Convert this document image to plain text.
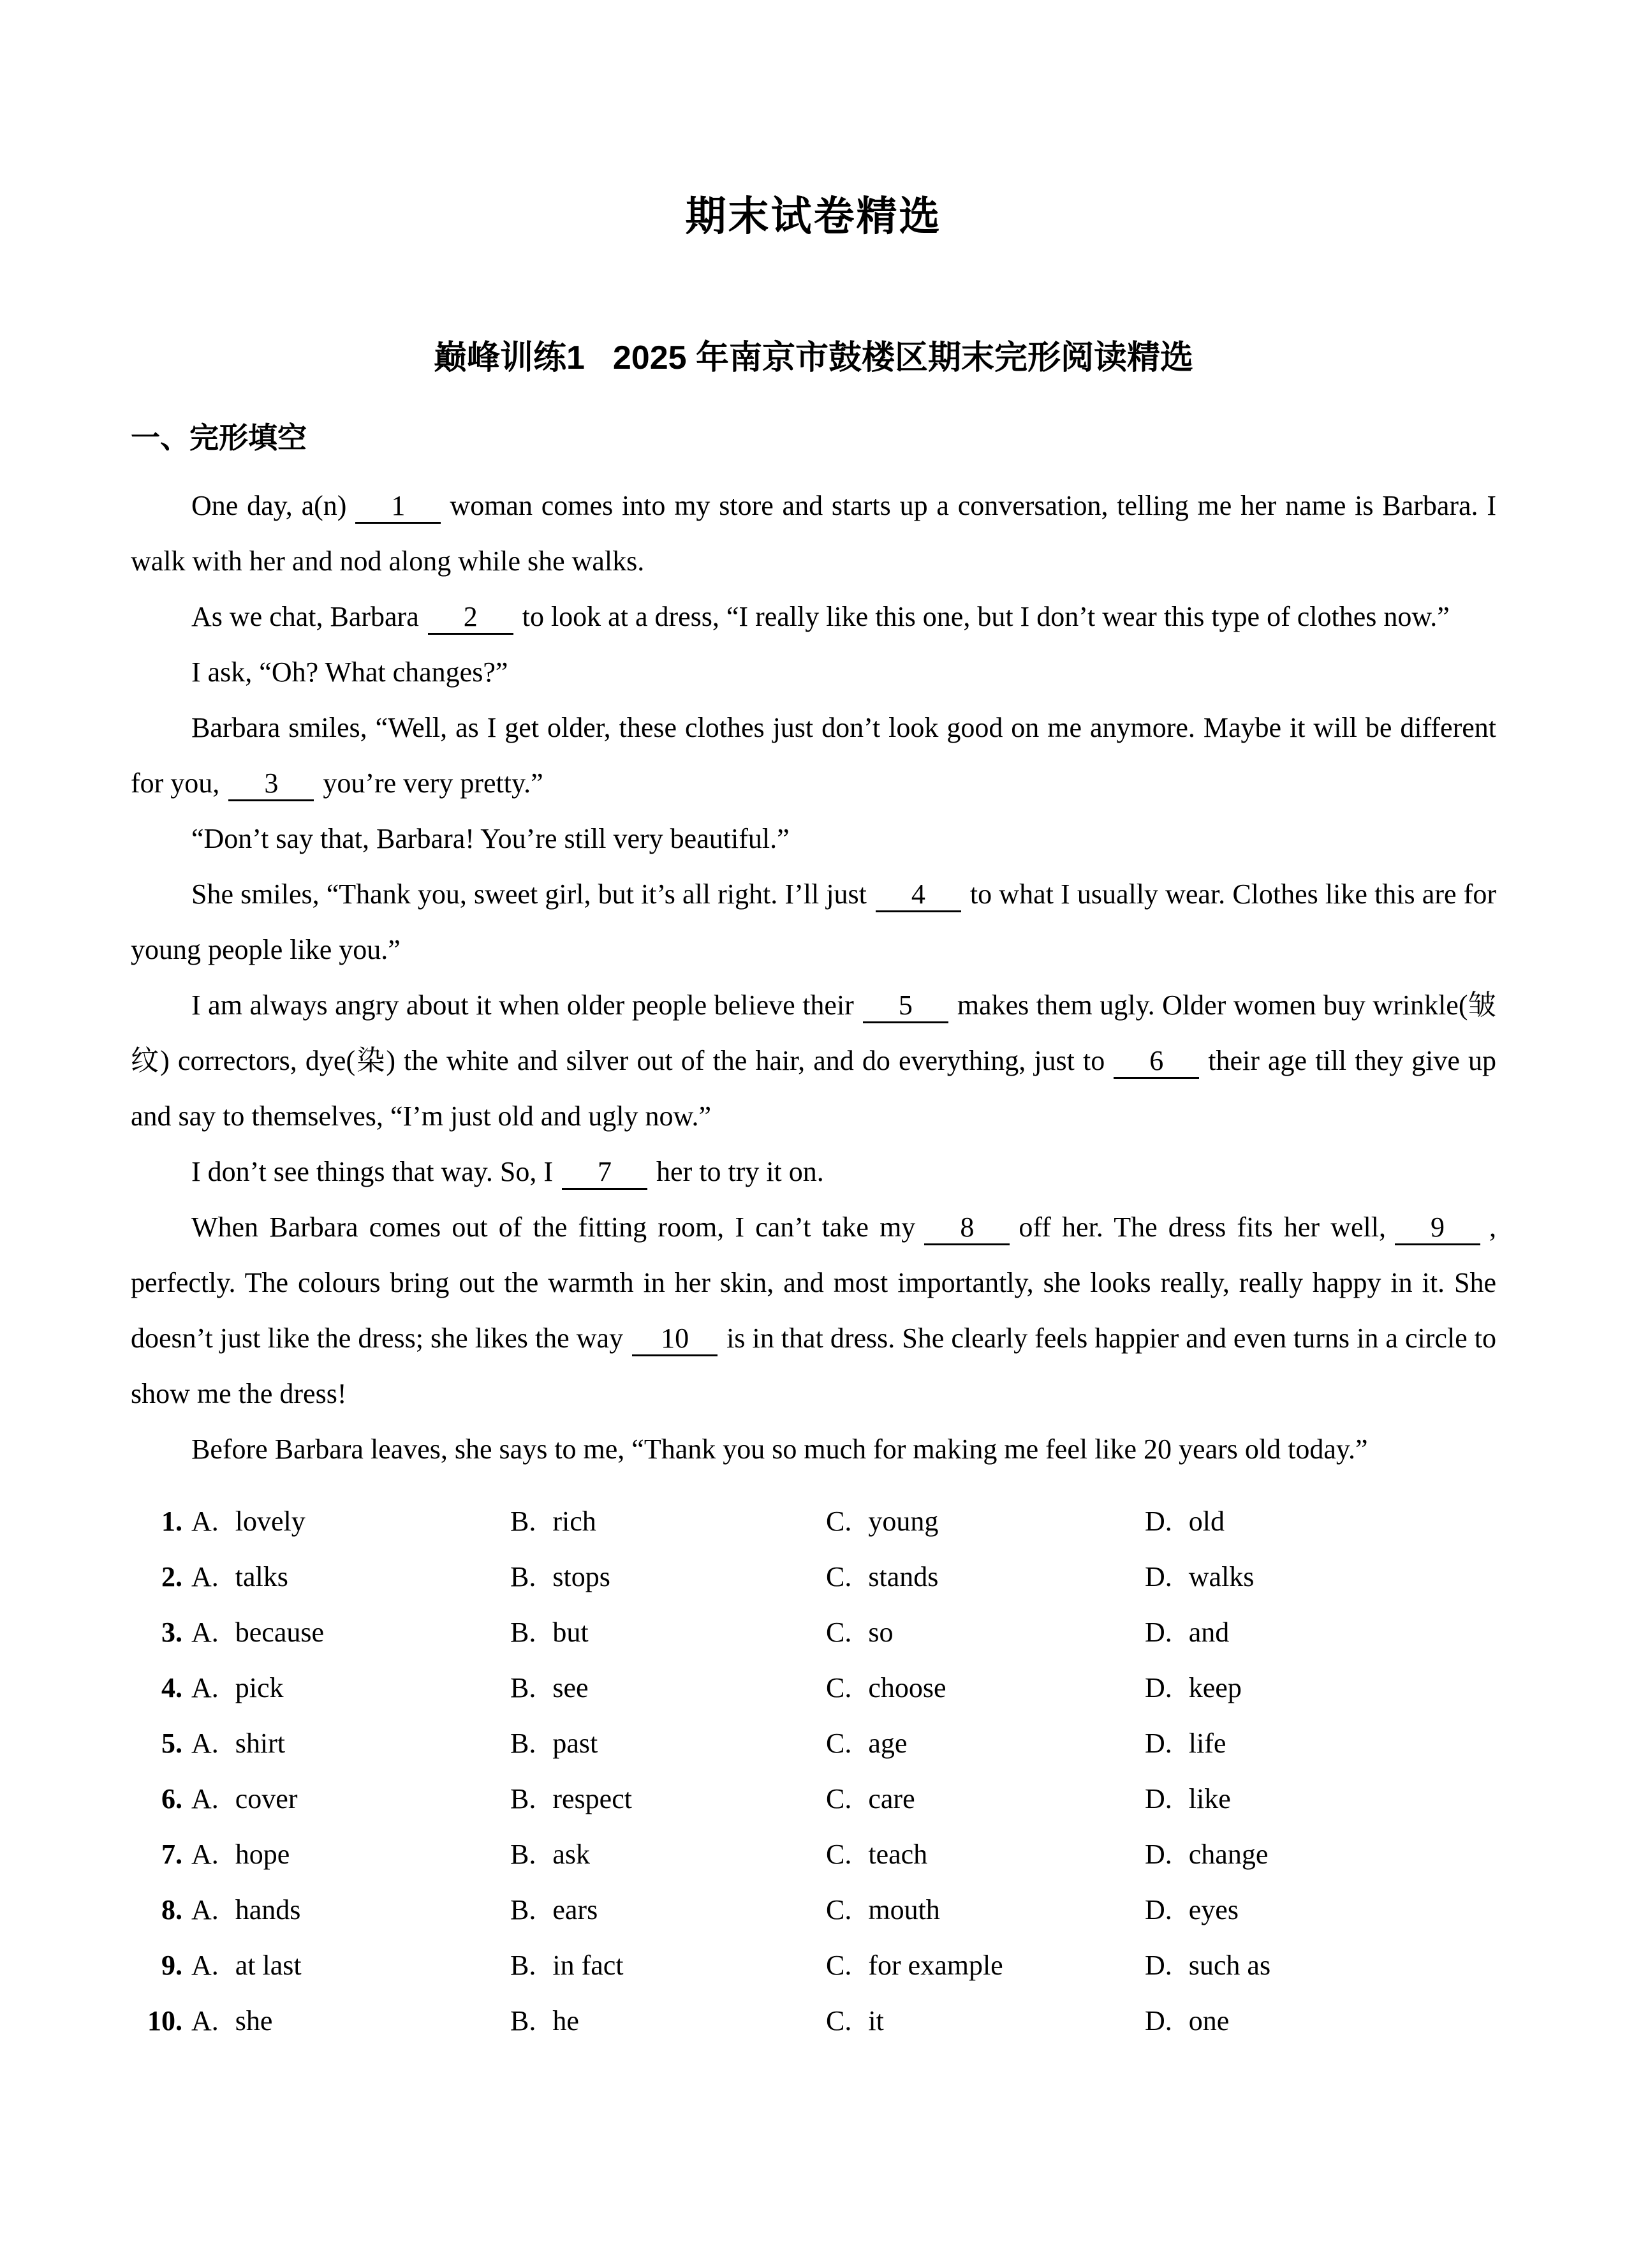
期末试卷精选
巅峰训练1 2025 年南京市鼓楼区期末完形阅读精选
一、完形填空

One day, a(n) 1 woman comes into my store and starts up a conversation, telling me her name is Barbara. I walk with her and nod along while she walks.

As we chat, Barbara 2 to look at a dress, “I really like this one, but I don’t wear this type of clothes now.”

I ask, “Oh? What changes?”

Barbara smiles, “Well, as I get older, these clothes just don’t look good on me anymore. Maybe it will be different for you, 3 you’re very pretty.”

“Don’t say that, Barbara! You’re still very beautiful.”

She smiles, “Thank you, sweet girl, but it’s all right. I’ll just 4 to what I usually wear. Clothes like this are for young people like you.”

I am always angry about it when older people believe their 5 makes them ugly. Older women buy wrinkle(皱纹) correctors, dye(染) the white and silver out of the hair, and do everything, just to 6 their age till they give up and say to themselves, “I’m just old and ugly now.”

I don’t see things that way. So, I 7 her to try it on.

When Barbara comes out of the fitting room, I can’t take my 8 off her. The dress fits her well, 9 , perfectly. The colours bring out the warmth in her skin, and most importantly, she looks really, really happy in it. She doesn’t just like the dress; she likes the way 10 is in that dress. She clearly feels happier and even turns in a circle to show me the dress!

Before Barbara leaves, she says to me, “Thank you so much for making me feel like 20 years old today.”

1. A. lovely	B. rich	C. young	D. old
2. A. talks	B. stops	C. stands	D. walks
3. A. because	B. but	C. so	D. and
4. A. pick	B. see	C. choose	D. keep
5. A. shirt	B. past	C. age	D. life
6. A. cover	B. respect	C. care	D. like
7. A. hope	B. ask	C. teach	D. change
8. A. hands	B. ears	C. mouth	D. eyes
9. A. at last	B. in fact	C. for example	D. such as
10. A. she	B. he	C. it	D. one
